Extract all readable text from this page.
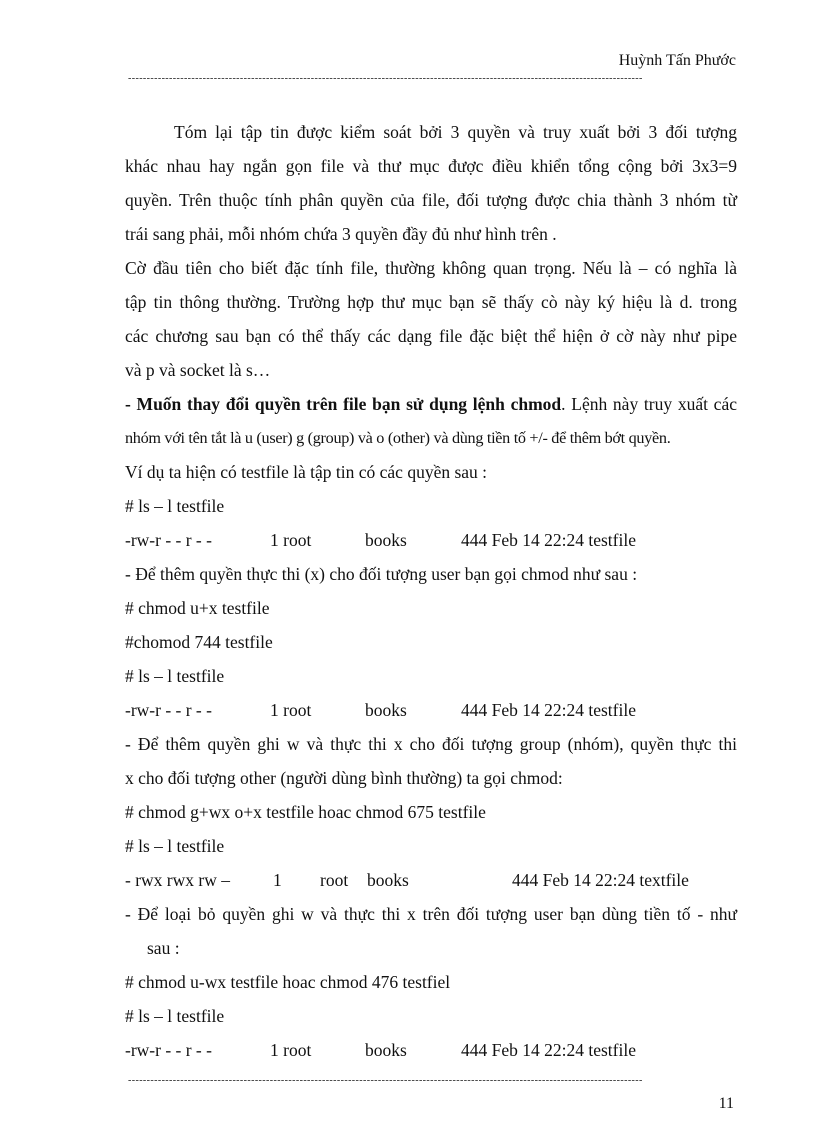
Huỳnh Tấn Phước
------------------------------------------------------------------------------------------------------------------------------------------
Tóm lại tập tin được kiểm soát bởi 3 quyền và truy xuất bởi 3 đối tượng
khác nhau hay ngắn gọn file và thư mục được điều khiển tổng cộng bởi 3x3=9
quyền. Trên thuộc tính phân quyền của file, đối tượng được chia thành 3 nhóm từ
trái sang phải, mỗi nhóm chứa 3 quyền đầy đủ như hình trên .
Cờ đầu tiên cho biết đặc tính file, thường không quan trọng. Nếu là – có nghĩa là
tập tin thông thường. Trường hợp thư mục bạn sẽ thấy cò này ký hiệu là d. trong
các chương sau bạn có thể thấy các dạng file đặc biệt thể hiện ở cờ này như pipe
và p và socket là s…
- Muốn thay đổi quyền trên file bạn sử dụng lệnh chmod. Lệnh này truy xuất các
nhóm với tên tắt là u (user) g (group) và o (other) và dùng tiền tố +/- để thêm bớt quyền.
Ví dụ ta hiện có testfile là tập tin có các quyền sau :
# ls – l testfile
-rw-r - - r - -	1 root	books	444 Feb 14 22:24 testfile
- Để thêm quyền thực thi (x) cho đối tượng user bạn gọi chmod như sau :
# chmod u+x testfile
#chomod 744 testfile
# ls – l testfile
-rw-r - - r - -	1 root	books	444 Feb 14 22:24 testfile
- Để thêm quyền ghi w và thực thi x cho đối tượng group (nhóm), quyền thực thi
x cho đối tượng other (người dùng bình thường) ta gọi chmod:
# chmod g+wx o+x testfile hoac chmod 675 testfile
# ls – l testfile
- rwx rwx rw –	1	root	books	444 Feb 14 22:24 textfile
- Để loại bỏ quyền ghi w và thực thi x trên đối tượng user bạn dùng tiền tố - như
sau :
# chmod u-wx testfile hoac chmod 476 testfiel
# ls – l testfile
-rw-r - - r - -	1 root	books	444 Feb 14 22:24 testfile
------------------------------------------------------------------------------------------------------------------------------------------
11
